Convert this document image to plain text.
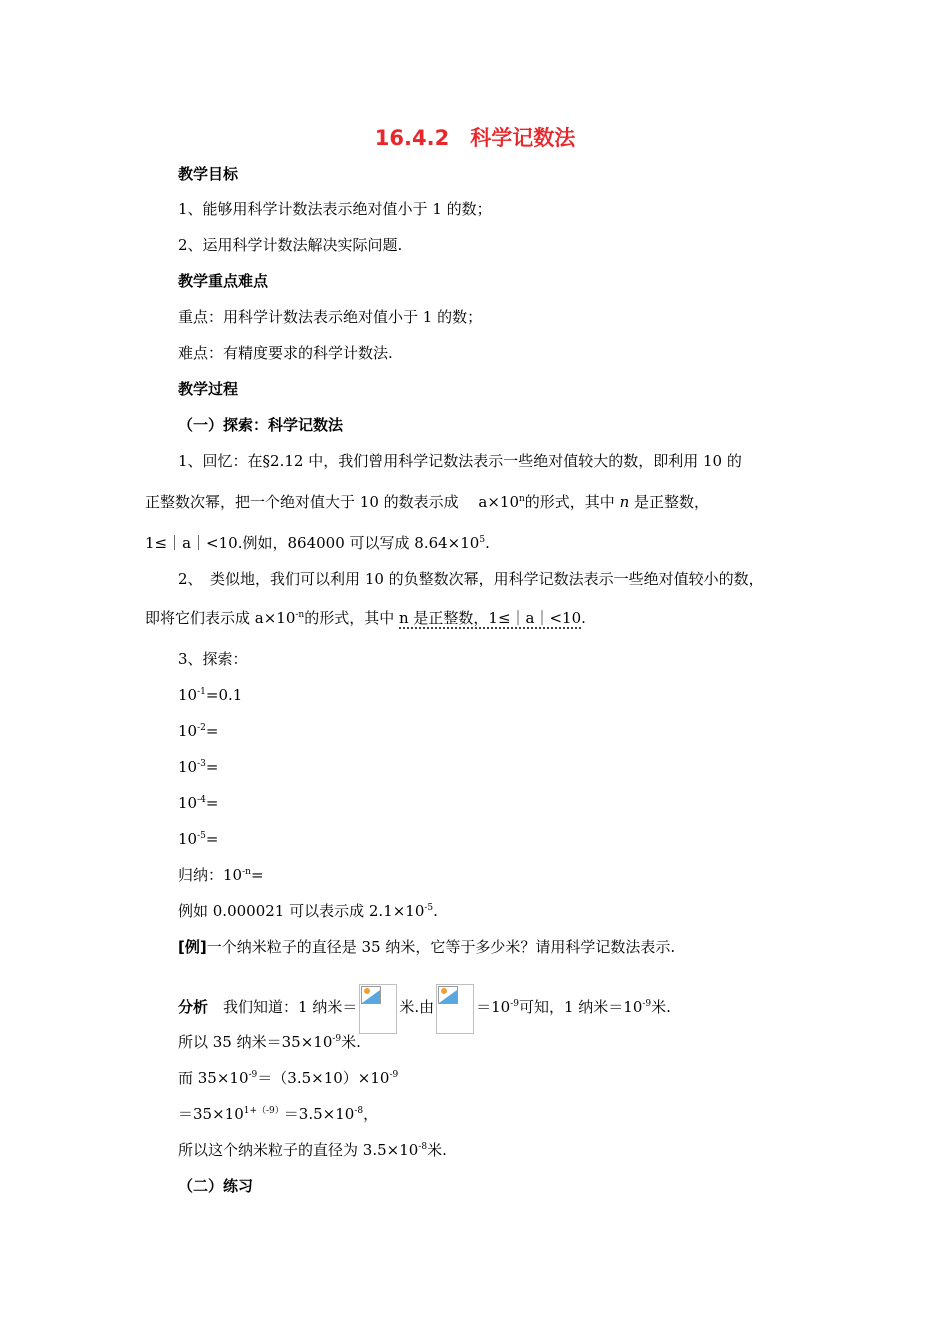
16.4.2　科学记数法
教学目标
1、能够用科学计数法表示绝对值小于 1 的数；
2、运用科学计数法解决实际问题.
教学重点难点
重点：用科学计数法表示绝对值小于 1 的数；
难点：有精度要求的科学计数法.
教学过程
（一）探索：科学记数法
1、回忆：在§2.12 中，我们曾用科学记数法表示一些绝对值较大的数，即利用 10 的
正整数次幂，把一个绝对值大于 10 的数表示成　 $a\times 10^n$的形式，其中 n 是正整数，
1≤｜a｜<10.例如，864000 可以写成 $8.64\times 10^5$.
2、　类似地，我们可以利用 10 的负整数次幂，用科学记数法表示一些绝对值较小的数，
即将它们表示成 $a\times 10^{-n}$的形式，其中 n 是正整数，1≤｜a｜<10.
3、探索：
$10^{-1}=0.1$
$10^{-2}=$
$10^{-3}=$
$10^{-4}=$
$10^{-5}=$
归纳：$10^{-n}=$
例如 0.000021 可以表示成 $2.1\times 10^{-5}$.
[例]一个纳米粒子的直径是 35 纳米，它等于多少米？请用科学记数法表示.
分析　我们知道：1 纳米＝	米.由	$=10^{-9}$可知，1 纳米$=10^{-9}$米.
所以 35 纳米$=35\times 10^{-9}$米.
而 $35\times 10^{-9}=(3.5\times 10)\times 10^{-9}$
$=35\times 10^{1+(-9)}=3.5\times 10^{-8}$，
所以这个纳米粒子的直径为 $3.5\times 10^{-8}$米.
（二）练习
